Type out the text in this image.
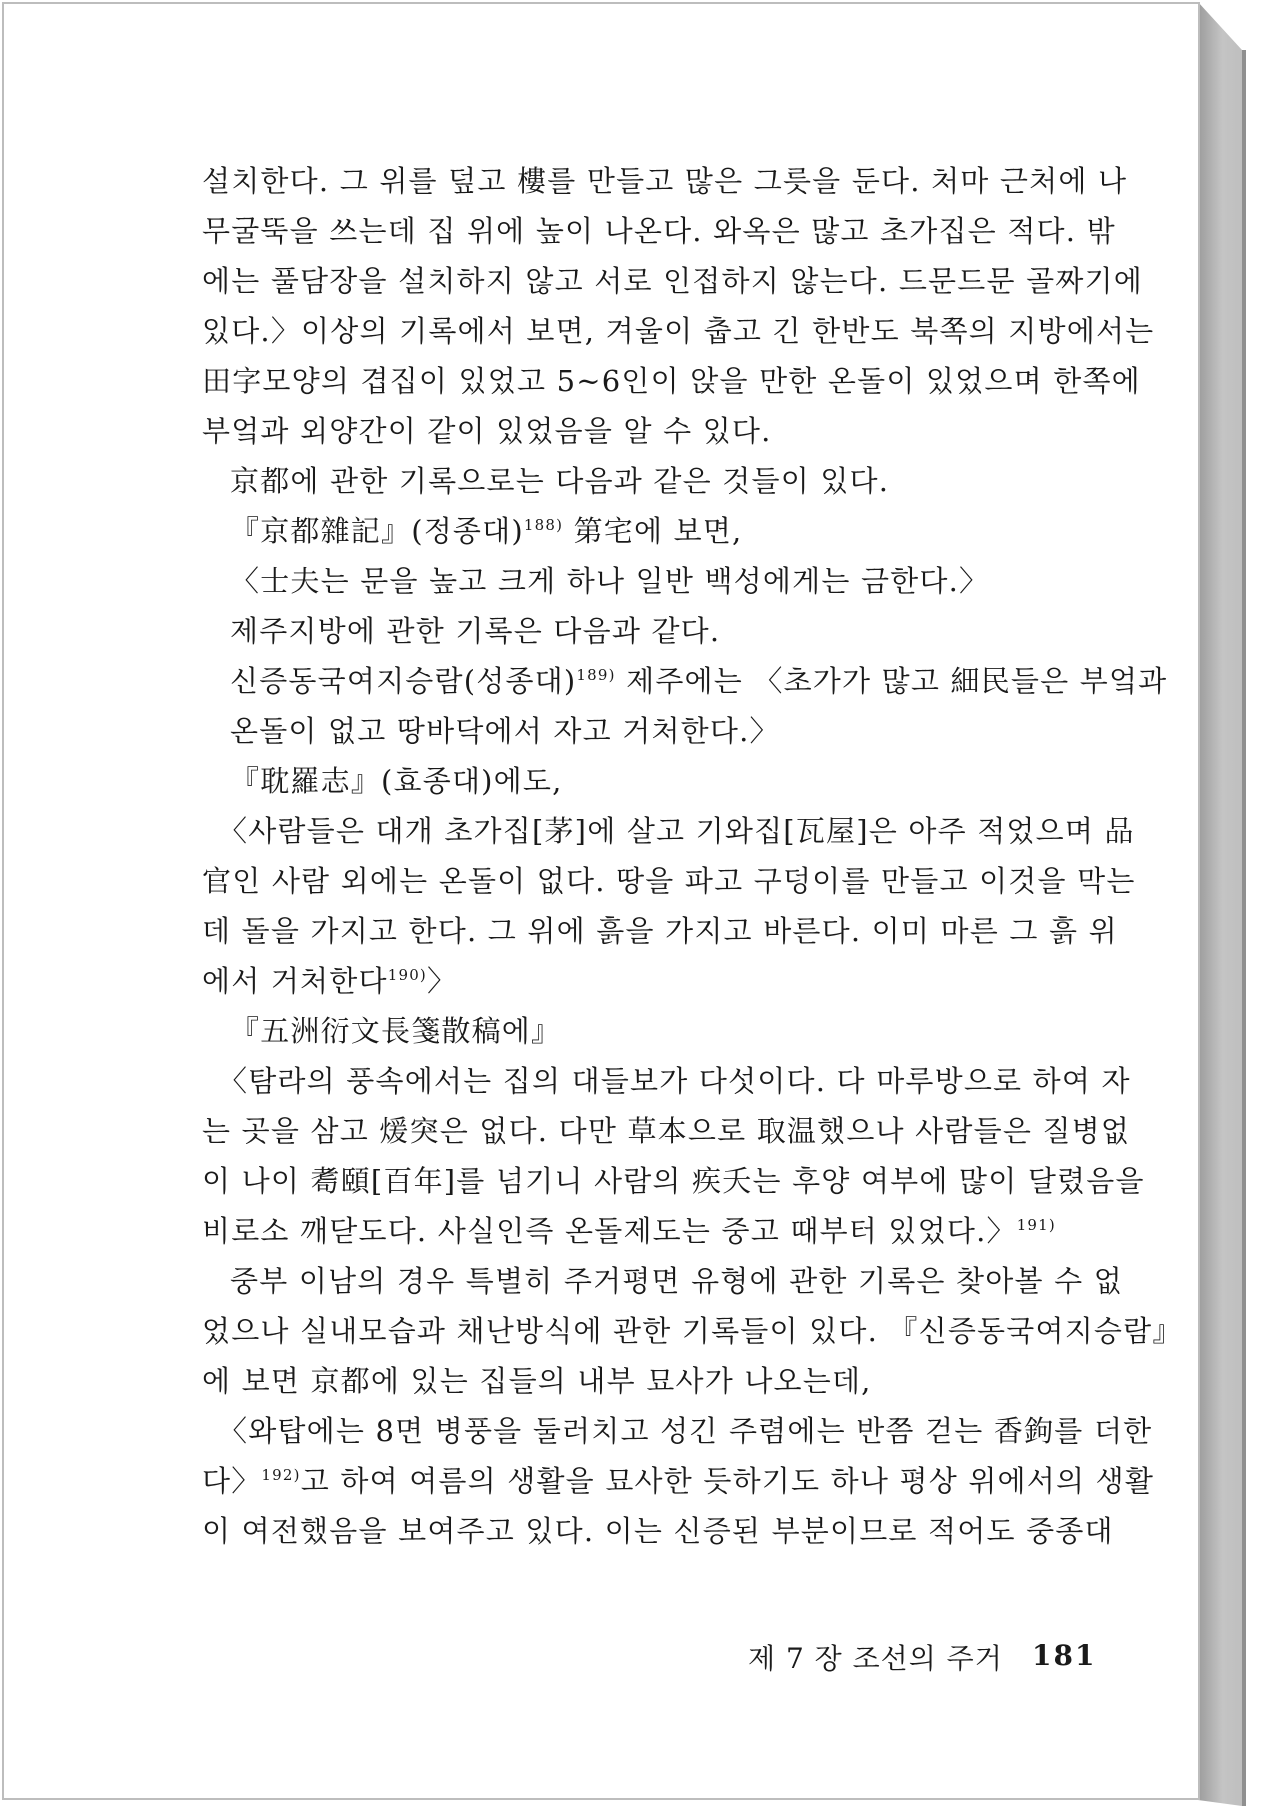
설치한다. 그 위를 덮고 樓를 만들고 많은 그릇을 둔다. 처마 근처에 나
무굴뚝을 쓰는데 집 위에 높이 나온다. 와옥은 많고 초가집은 적다. 밖
에는 풀담장을 설치하지 않고 서로 인접하지 않는다. 드문드문 골짜기에
있다.〉이상의 기록에서 보면, 겨울이 춥고 긴 한반도 북쪽의 지방에서는
田字모양의 겹집이 있었고 5~6인이 앉을 만한 온돌이 있었으며 한쪽에
부엌과 외양간이 같이 있었음을 알 수 있다.
京都에 관한 기록으로는 다음과 같은 것들이 있다.
『京都雜記』(정종대)$^{188)}$ 第宅에 보면,
〈士夫는 문을 높고 크게 하나 일반 백성에게는 금한다.〉
제주지방에 관한 기록은 다음과 같다.
신증동국여지승람(성종대)$^{189)}$ 제주에는 〈초가가 많고 細民들은 부엌과
온돌이 없고 땅바닥에서 자고 거처한다.〉
『耽羅志』(효종대)에도,
〈사람들은 대개 초가집[茅]에 살고 기와집[瓦屋]은 아주 적었으며 品
官인 사람 외에는 온돌이 없다. 땅을 파고 구덩이를 만들고 이것을 막는
데 돌을 가지고 한다. 그 위에 흙을 가지고 바른다. 이미 마른 그 흙 위
에서 거처한다$^{190)}$〉
『五洲衍文長箋散稿에』
〈탐라의 풍속에서는 집의 대들보가 다섯이다. 다 마루방으로 하여 자
는 곳을 삼고 煖突은 없다. 다만 草本으로 取温했으나 사람들은 질병없
이 나이 耈頤[百年]를 넘기니 사람의 疾夭는 후양 여부에 많이 달렸음을
비로소 깨닫도다. 사실인즉 온돌제도는 중고 때부터 있었다.〉$^{191)}$
중부 이남의 경우 특별히 주거평면 유형에 관한 기록은 찾아볼 수 없
었으나 실내모습과 채난방식에 관한 기록들이 있다. 『신증동국여지승람』
에 보면 京都에 있는 집들의 내부 묘사가 나오는데,
〈와탑에는 8면 병풍을 둘러치고 성긴 주렴에는 반쯤 걷는 香鉤를 더한
다〉$^{192)}$고 하여 여름의 생활을 묘사한 듯하기도 하나 평상 위에서의 생활
이 여전했음을 보여주고 있다. 이는 신증된 부분이므로 적어도 중종대
제 7 장 조선의 주거 181
